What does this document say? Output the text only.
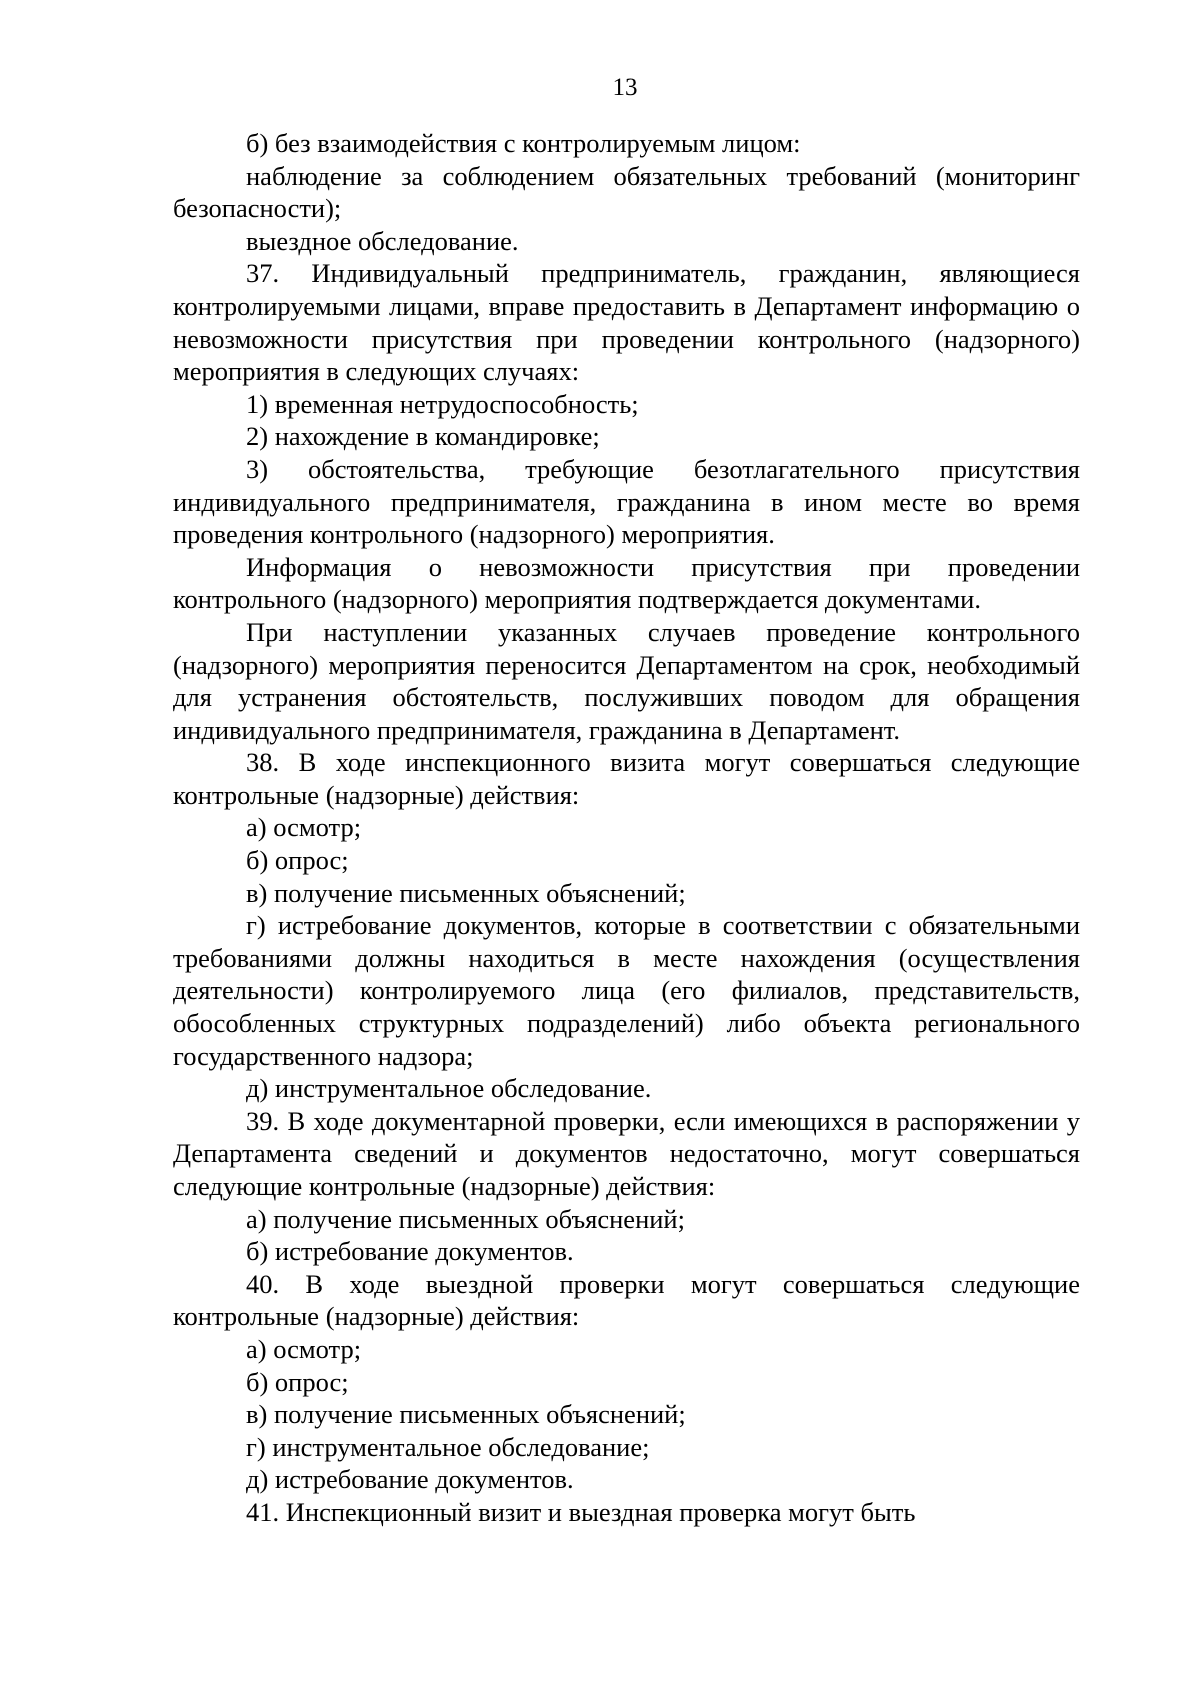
13

б) без взаимодействия с контролируемым лицом:

наблюдение за соблюдением обязательных требований (мониторинг безопасности);

выездное обследование.

37. Индивидуальный предприниматель, гражданин, являющиеся контролируемыми лицами, вправе предоставить в Департамент информацию о невозможности присутствия при проведении контрольного (надзорного) мероприятия в следующих случаях:

1) временная нетрудоспособность;

2) нахождение в командировке;

3) обстоятельства, требующие безотлагательного присутствия индивидуального предпринимателя, гражданина в ином месте во время проведения контрольного (надзорного) мероприятия.

Информация о невозможности присутствия при проведении контрольного (надзорного) мероприятия подтверждается документами.

При наступлении указанных случаев проведение контрольного (надзорного) мероприятия переносится Департаментом на срок, необходимый для устранения обстоятельств, послуживших поводом для обращения индивидуального предпринимателя, гражданина в Департамент.

38. В ходе инспекционного визита могут совершаться следующие контрольные (надзорные) действия:

а) осмотр;

б) опрос;

в) получение письменных объяснений;

г) истребование документов, которые в соответствии с обязательными требованиями должны находиться в месте нахождения (осуществления деятельности) контролируемого лица (его филиалов, представительств, обособленных структурных подразделений) либо объекта регионального государственного надзора;

д) инструментальное обследование.

39. В ходе документарной проверки, если имеющихся в распоряжении у Департамента сведений и документов недостаточно, могут совершаться следующие контрольные (надзорные) действия:

а) получение письменных объяснений;

б) истребование документов.

40. В ходе выездной проверки могут совершаться следующие контрольные (надзорные) действия:

а) осмотр;

б) опрос;

в) получение письменных объяснений;

г) инструментальное обследование;

д) истребование документов.

41. Инспекционный визит и выездная проверка могут быть
